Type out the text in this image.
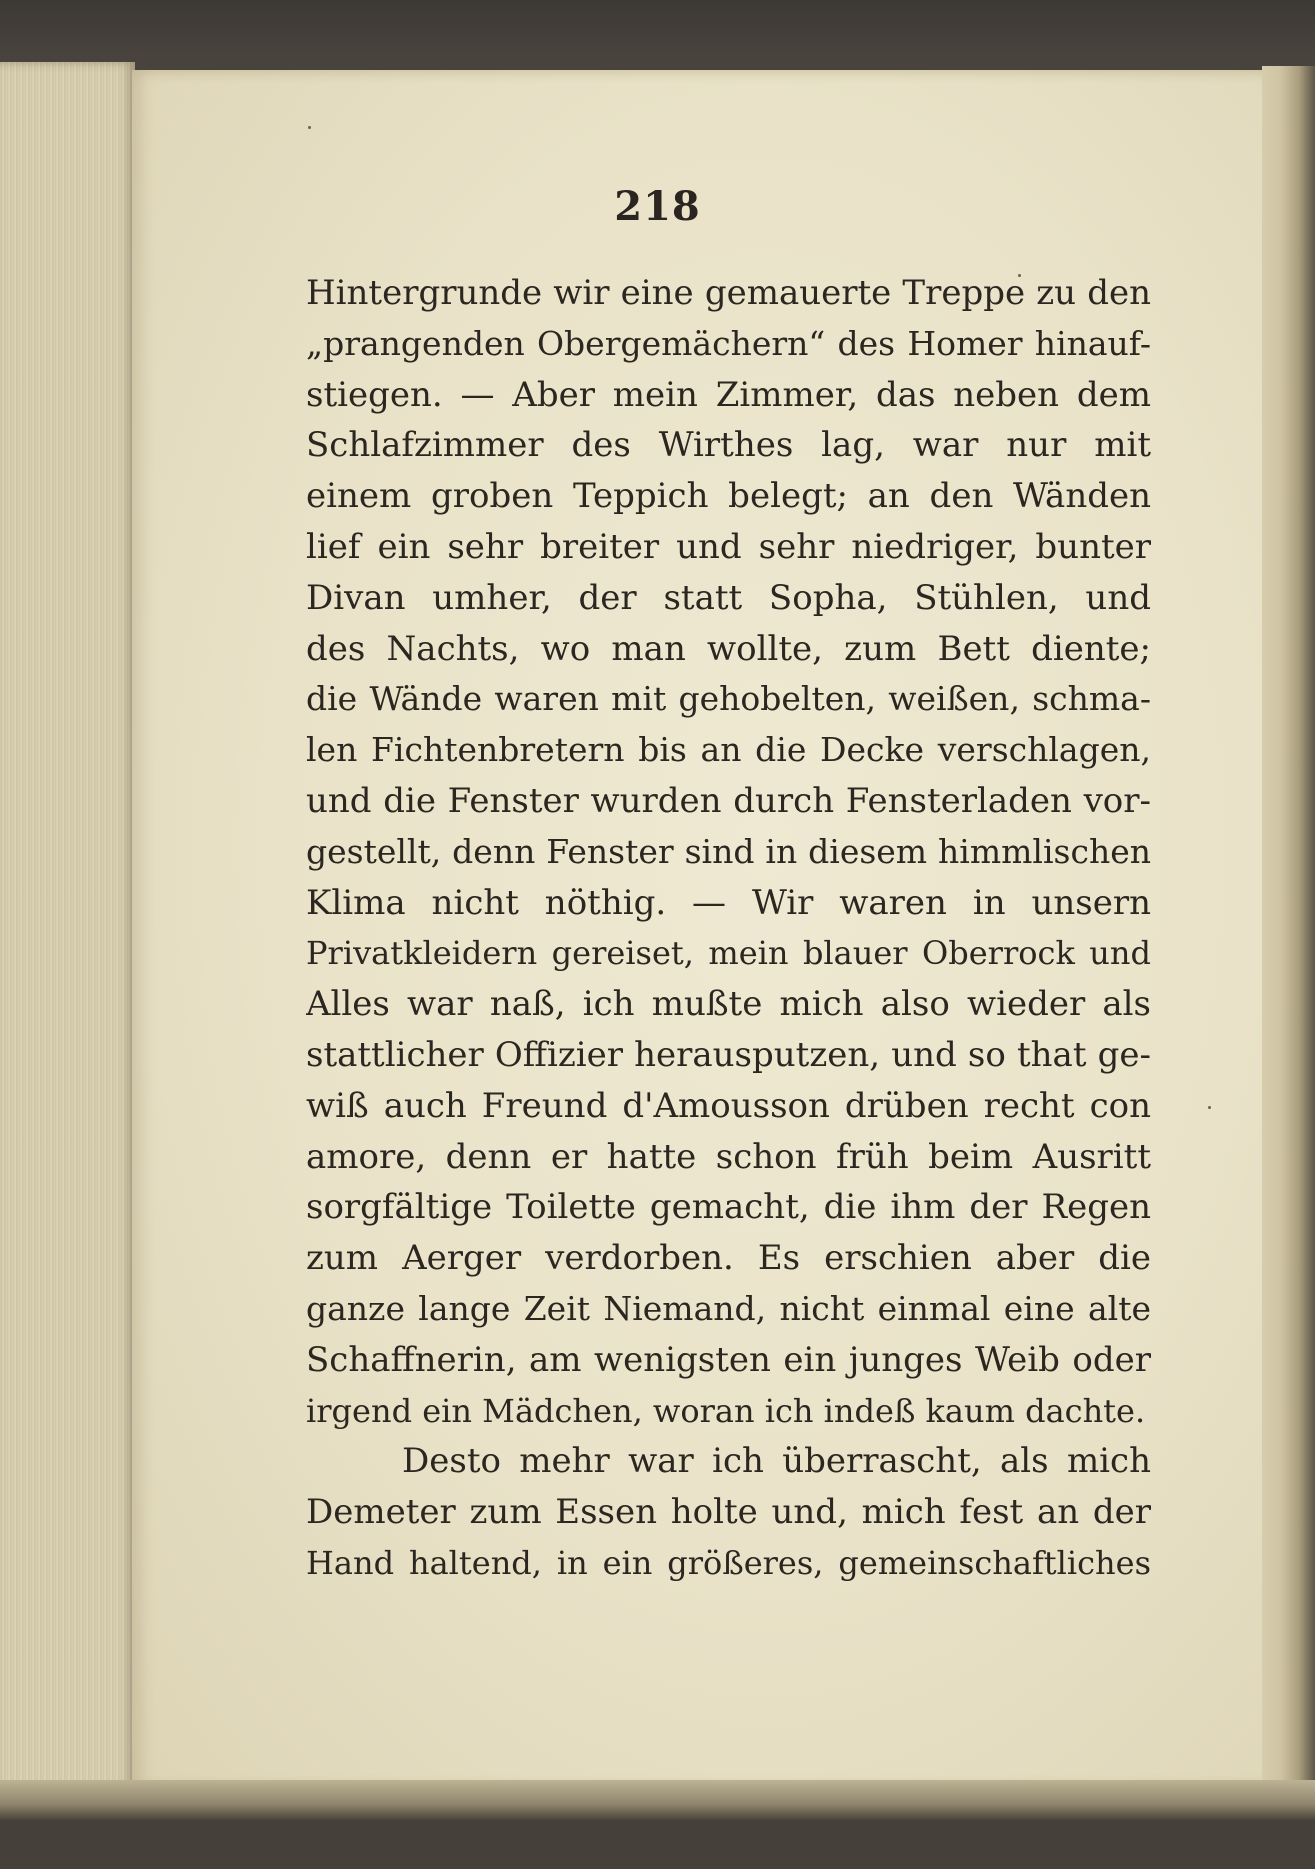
218
Hintergrunde wir eine gemauerte Treppe zu den
„prangenden Obergemächern“ des Homer hinauf-
stiegen. — Aber mein Zimmer, das neben dem
Schlafzimmer des Wirthes lag, war nur mit
einem groben Teppich belegt; an den Wänden
lief ein sehr breiter und sehr niedriger, bunter
Divan umher, der statt Sopha, Stühlen, und
des Nachts, wo man wollte, zum Bett diente;
die Wände waren mit gehobelten, weißen, schma-
len Fichtenbretern bis an die Decke verschlagen,
und die Fenster wurden durch Fensterladen vor-
gestellt, denn Fenster sind in diesem himmlischen
Klima nicht nöthig. — Wir waren in unsern
Privatkleidern gereiset, mein blauer Oberrock und
Alles war naß, ich mußte mich also wieder als
stattlicher Offizier herausputzen, und so that ge-
wiß auch Freund d'Amousson drüben recht con
amore, denn er hatte schon früh beim Ausritt
sorgfältige Toilette gemacht, die ihm der Regen
zum Aerger verdorben. Es erschien aber die
ganze lange Zeit Niemand, nicht einmal eine alte
Schaffnerin, am wenigsten ein junges Weib oder
irgend ein Mädchen, woran ich indeß kaum dachte.
Desto mehr war ich überrascht, als mich
Demeter zum Essen holte und, mich fest an der
Hand haltend, in ein größeres, gemeinschaftliches
